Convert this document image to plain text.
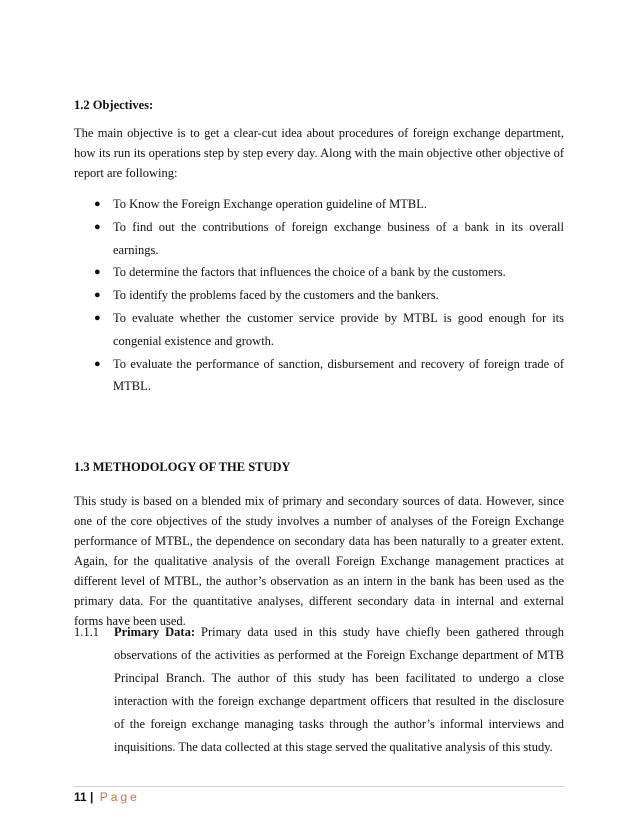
1.2 Objectives:
The main objective is to get a clear-cut idea about procedures of foreign exchange department, how its run its operations step by step every day. Along with the main objective other objective of report are following:
● To Know the Foreign Exchange operation guideline of MTBL.
● To find out the contributions of foreign exchange business of a bank in its overall earnings.
● To determine the factors that influences the choice of a bank by the customers.
● To identify the problems faced by the customers and the bankers.
● To evaluate whether the customer service provide by MTBL is good enough for its congenial existence and growth.
● To evaluate the performance of sanction, disbursement and recovery of foreign trade of MTBL.
1.3 METHODOLOGY OF THE STUDY
This study is based on a blended mix of primary and secondary sources of data. However, since one of the core objectives of the study involves a number of analyses of the Foreign Exchange performance of MTBL, the dependence on secondary data has been naturally to a greater extent. Again, for the qualitative analysis of the overall Foreign Exchange management practices at different level of MTBL, the author’s observation as an intern in the bank has been used as the primary data. For the quantitative analyses, different secondary data in internal and external forms have been used.
1.1.1 Primary Data: Primary data used in this study have chiefly been gathered through observations of the activities as performed at the Foreign Exchange department of MTB Principal Branch. The author of this study has been facilitated to undergo a close interaction with the foreign exchange department officers that resulted in the disclosure of the foreign exchange managing tasks through the author’s informal interviews and inquisitions. The data collected at this stage served the qualitative analysis of this study.
11 | Page
